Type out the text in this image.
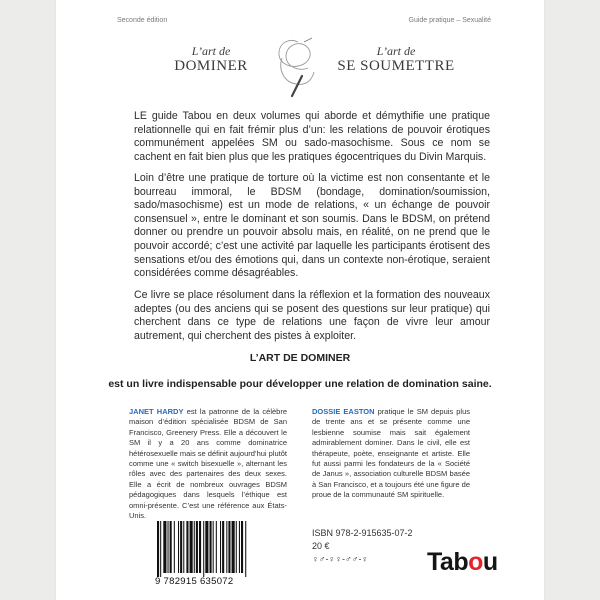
Seconde édition	Guide pratique – Sexualité
L’art de
DOMINER
L’art de
SE SOUMETTRE

LE guide Tabou en deux volumes qui aborde et démythifie une pratique relationnelle qui en fait frémir plus d’un: les relations de pouvoir érotiques communément appelées SM ou sado-masochisme. Sous ce nom se cachent en fait bien plus que les pratiques égocentriques du Divin Marquis.

Loin d’être une pratique de torture où la victime est non consentante et le bourreau immoral, le BDSM (bondage, domination/soumission, sado/masochisme) est un mode de relations, « un échange de pouvoir consensuel », entre le dominant et son soumis. Dans le BDSM, on prétend donner ou prendre un pouvoir absolu mais, en réalité, on ne prend que le pouvoir accordé; c’est une activité par laquelle les participants érotisent des sensations et/ou des émotions qui, dans un contexte non-érotique, seraient considérées comme désagréables.

Ce livre se place résolument dans la réflexion et la formation des nouveaux adeptes (ou des anciens qui se posent des questions sur leur pratique) qui cherchent dans ce type de relations une façon de vivre leur amour autrement, qui cherchent des pistes à exploiter.

L’ART DE DOMINER
est un livre indispensable pour développer une relation de domination saine.
JANET HARDY est la patronne de la célèbre maison d’édition spécialisée BDSM de San Francisco, Greenery Press. Elle a découvert le SM il y a 20 ans comme dominatrice hétérosexuelle mais se définit aujourd’hui plutôt comme une « switch bisexuelle », alternant les rôles avec des partenaires des deux sexes. Elle a écrit de nombreux ouvrages BDSM pédagogiques dans lesquels l’éthique est omni-présente. C’est une référence aux États-Unis.
DOSSIE EASTON pratique le SM depuis plus de trente ans et se présente comme une lesbienne soumise mais sait également admirablement dominer. Dans le civil, elle est thérapeute, poète, enseignante et artiste. Elle fut aussi parmi les fondateurs de la « Société de Janus », association culturelle BDSM basée à San Francisco, et a toujours été une figure de proue de la communauté SM spirituelle.
9 782915 635072
ISBN 978-2-915635-07-2
20 €
♀♂-♀♀-♂♂-♀	Tabou
